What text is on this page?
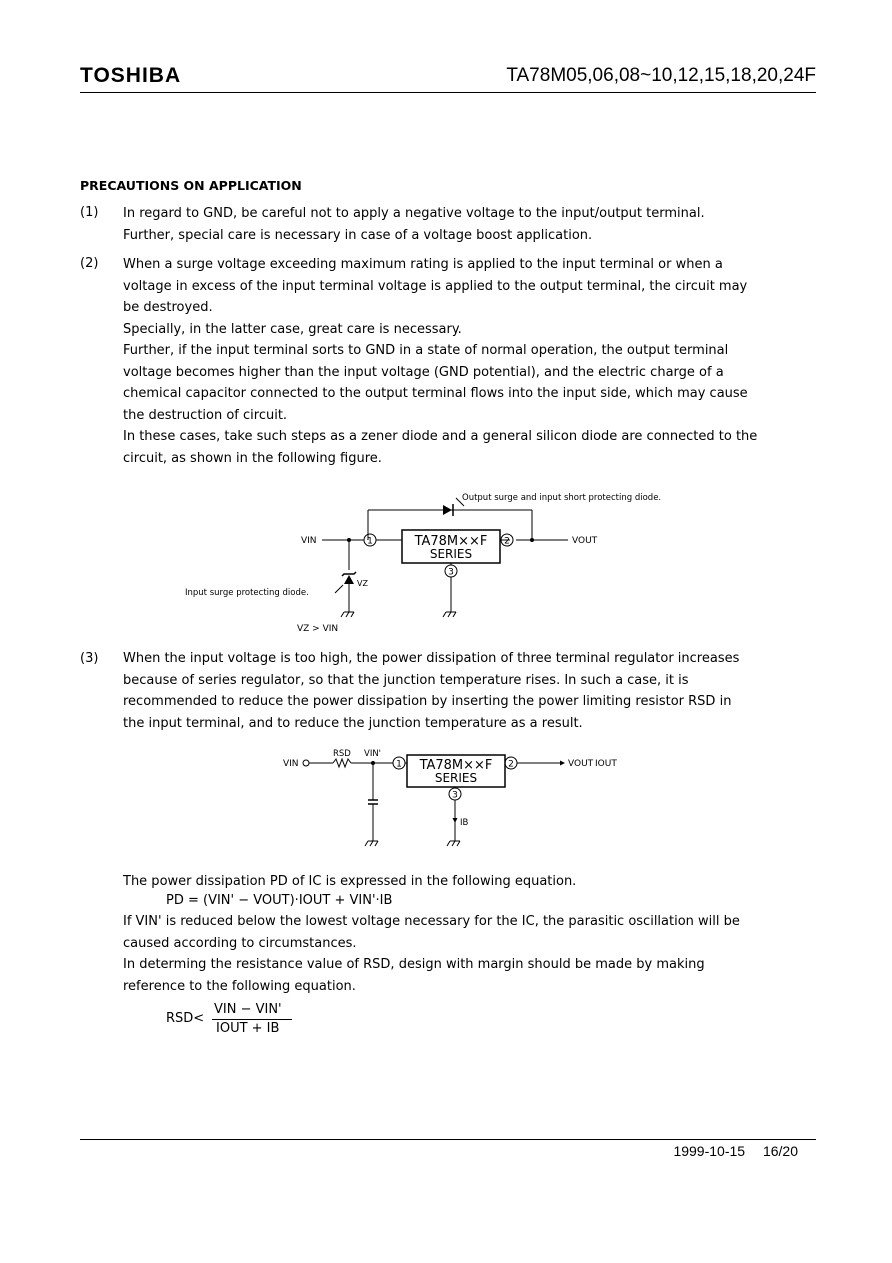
TOSHIBA	TA78M05,06,08~10,12,15,18,20,24F
PRECAUTIONS ON APPLICATION
(1) In regard to GND, be careful not to apply a negative voltage to the input/output terminal.

Further, special care is necessary in case of a voltage boost application.

(2) When a surge voltage exceeding maximum rating is applied to the input terminal or when a

voltage in excess of the input terminal voltage is applied to the output terminal, the circuit may

be destroyed.

Specially, in the latter case, great care is necessary.

Further, if the input terminal sorts to GND in a state of normal operation, the output terminal

voltage becomes higher than the input voltage (GND potential), and the electric charge of a

chemical capacitor connected to the output terminal flows into the input side, which may cause

the destruction of circuit.

In these cases, take such steps as a zener diode and a general silicon diode are connected to the

circuit, as shown in the following figure.

TA78M××F
SERIES
1	2
3
VIN	VOUT
VZ
Output surge and input short protecting diode.
Input surge protecting diode.
VZ > VIN
(3) When the input voltage is too high, the power dissipation of three terminal regulator increases

because of series regulator, so that the junction temperature rises. In such a case, it is

recommended to reduce the power dissipation by inserting the power limiting resistor RSD in

the input terminal, and to reduce the junction temperature as a result.

TA78M××F
SERIES
1	2
3
VIN
RSD VIN'
VOUT IOUT
IB

The power dissipation PD of IC is expressed in the following equation.

PD = (VIN' − VOUT)·IOUT + VIN'·IB

If VIN' is reduced below the lowest voltage necessary for the IC, the parasitic oscillation will be

caused according to circumstances.

In determing the resistance value of RSD, design with margin should be made by making

reference to the following equation.

RSD<
VIN − VIN'
IOUT + IB
1999-10-15 16/20
